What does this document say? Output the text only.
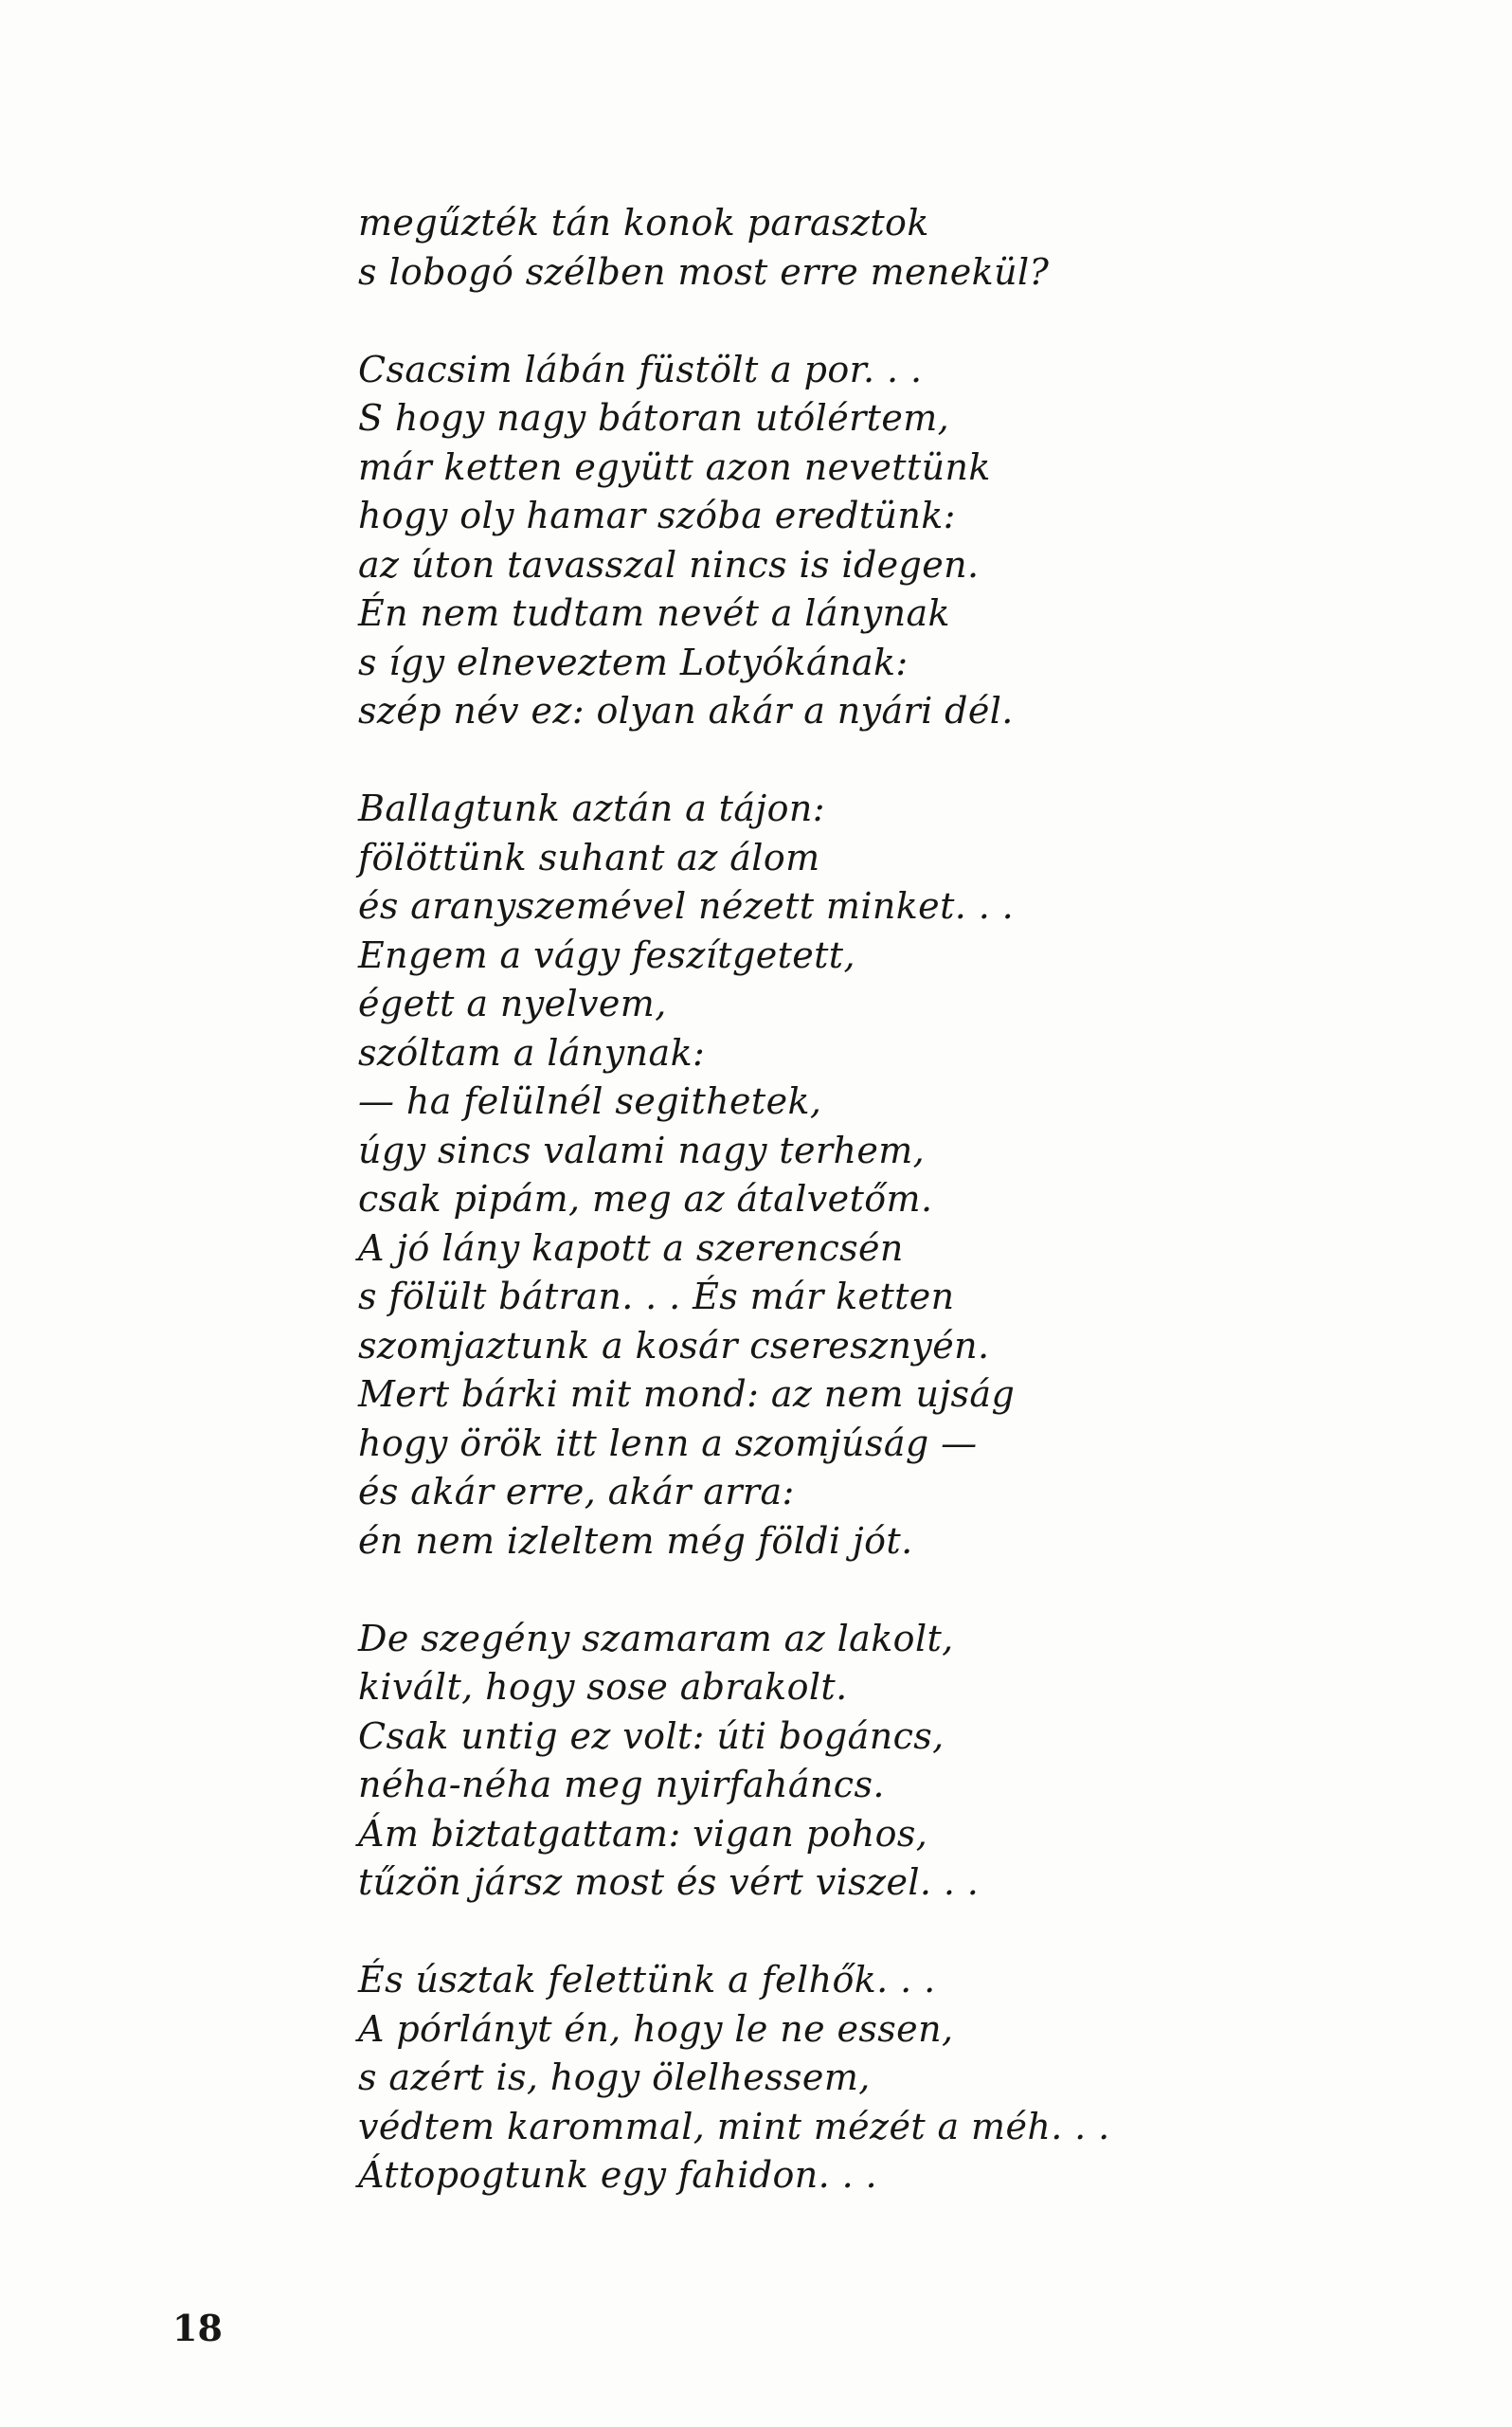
megűzték tán konok parasztok
s lobogó szélben most erre menekül?
Csacsim lábán füstölt a por. . .
S hogy nagy bátoran utólértem,
már ketten együtt azon nevettünk
hogy oly hamar szóba eredtünk:
az úton tavasszal nincs is idegen.
Én nem tudtam nevét a lánynak
s így elneveztem Lotyókának:
szép név ez: olyan akár a nyári dél.
Ballagtunk aztán a tájon:
fölöttünk suhant az álom
és aranyszemével nézett minket. . .
Engem a vágy feszítgetett,
égett a nyelvem,
szóltam a lánynak:
— ha felülnél segithetek,
úgy sincs valami nagy terhem,
csak pipám, meg az átalvetőm.
A jó lány kapott a szerencsén
s fölült bátran. . . És már ketten
szomjaztunk a kosár cseresznyén.
Mert bárki mit mond: az nem ujság
hogy örök itt lenn a szomjúság —
és akár erre, akár arra:
én nem izleltem még földi jót.
De szegény szamaram az lakolt,
kivált, hogy sose abrakolt.
Csak untig ez volt: úti bogáncs,
néha-néha meg nyirfaháncs.
Ám biztatgattam: vigan pohos,
tűzön jársz most és vért viszel. . .
És úsztak felettünk a felhők. . .
A pórlányt én, hogy le ne essen,
s azért is, hogy ölelhessem,
védtem karommal, mint mézét a méh. . .
Áttopogtunk egy fahidon. . .
18
